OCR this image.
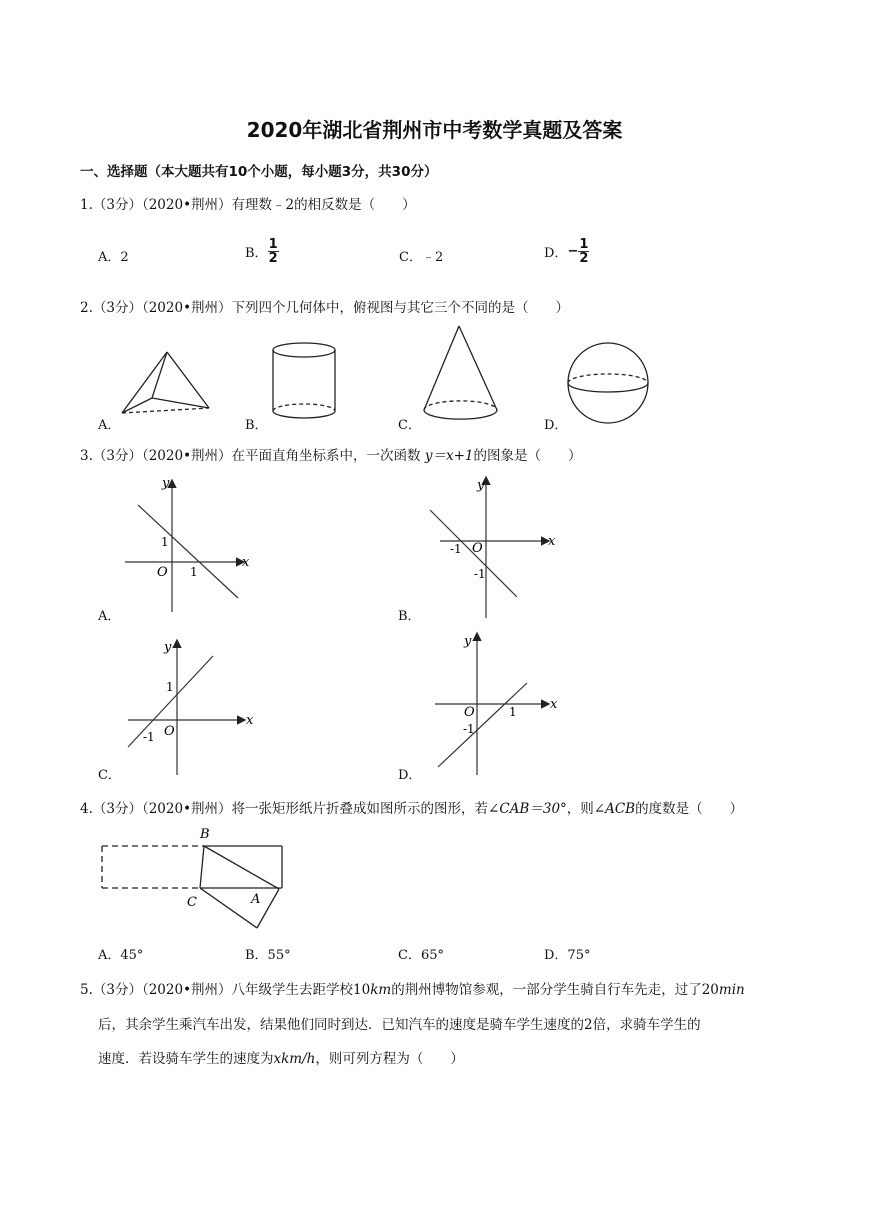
2020年湖北省荆州市中考数学真题及答案
一、选择题（本大题共有10个小题，每小题3分，共30分）
1.（3分）（2020•荆州）有理数﹣2的相反数是（　　）
A．2	B． $\frac{1}{2}$	C．﹣2	D．− $\frac{1}{2}$
2.（3分）（2020•荆州）下列四个几何体中，俯视图与其它三个不同的是（　　）
A．	B．	C．	D．
3.（3分）（2020•荆州）在平面直角坐标系中，一次函数 y＝x+1的图象是（　　）
y
x
O
1
1
y
x
O
-1
-1
y
x
O
1
-1
y
x
O	1
-1
A．	B．
C．	D．
4.（3分）（2020•荆州）将一张矩形纸片折叠成如图所示的图形，若∠CAB＝30°，则∠ACB的度数是（　　）
B
C	A
A．45°	B．55°	C．65°	D．75°
5.（3分）（2020•荆州）八年级学生去距学校10km的荆州博物馆参观，一部分学生骑自行车先走，过了20min
后，其余学生乘汽车出发，结果他们同时到达．已知汽车的速度是骑车学生速度的2倍，求骑车学生的
速度．若设骑车学生的速度为xkm/h，则可列方程为（　　）
